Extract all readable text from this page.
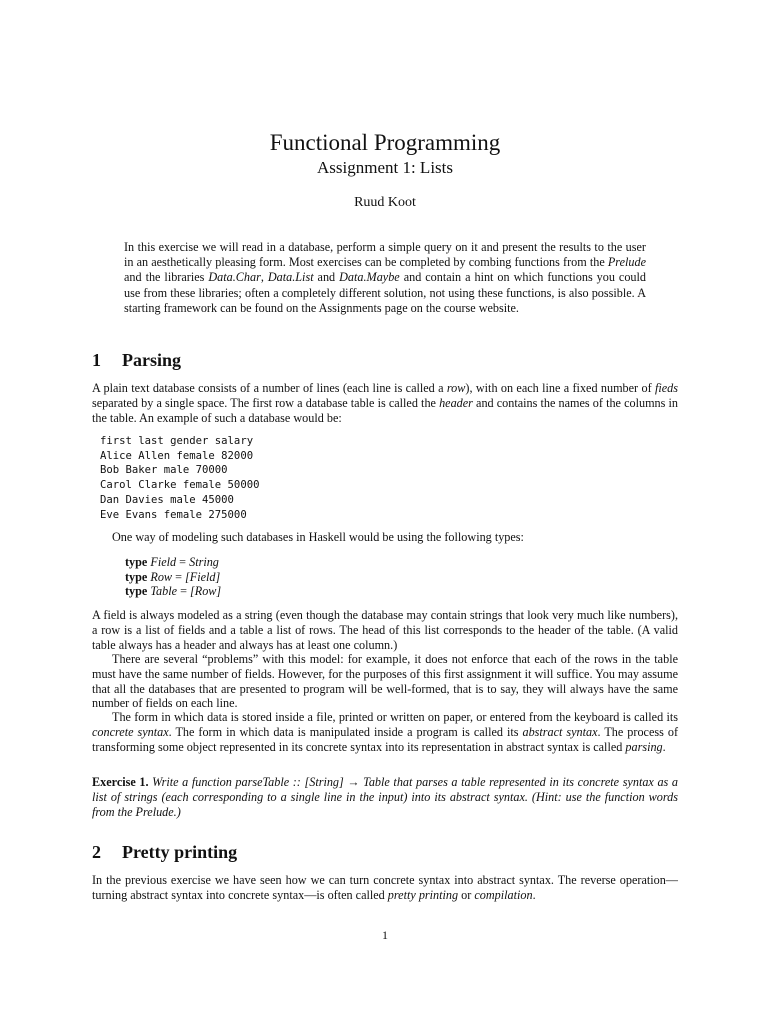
Functional Programming
Assignment 1: Lists
Ruud Koot
In this exercise we will read in a database, perform a simple query on it and present the results to the user in an aesthetically pleasing form. Most exercises can be completed by combing functions from the Prelude and the libraries Data.Char, Data.List and Data.Maybe and contain a hint on which functions you could use from these libraries; often a completely different solution, not using these functions, is also possible. A starting framework can be found on the Assignments page on the course website.
1 Parsing
A plain text database consists of a number of lines (each line is called a row), with on each line a fixed number of fieds separated by a single space. The first row a database table is called the header and contains the names of the columns in the table. An example of such a database would be:
first last gender salary
Alice Allen female 82000
Bob Baker male 70000
Carol Clarke female 50000
Dan Davies male 45000
Eve Evans female 275000
One way of modeling such databases in Haskell would be using the following types:
type Field = String
type Row = [Field]
type Table = [Row]
A field is always modeled as a string (even though the database may contain strings that look very much like numbers), a row is a list of fields and a table a list of rows. The head of this list corresponds to the header of the table. (A valid table always has a header and always has at least one column.)
There are several “problems” with this model: for example, it does not enforce that each of the rows in the table must have the same number of fields. However, for the purposes of this first assignment it will suffice. You may assume that all the databases that are presented to program will be well-formed, that is to say, they will always have the same number of fields on each line.
The form in which data is stored inside a file, printed or written on paper, or entered from the keyboard is called its concrete syntax. The form in which data is manipulated inside a program is called its abstract syntax. The process of transforming some object represented in its concrete syntax into its representation in abstract syntax is called parsing.
Exercise 1. Write a function parseTable :: [String] → Table that parses a table represented in its concrete syntax as a list of strings (each corresponding to a single line in the input) into its abstract syntax. (Hint: use the function words from the Prelude.)
2 Pretty printing
In the previous exercise we have seen how we can turn concrete syntax into abstract syntax. The reverse operation—turning abstract syntax into concrete syntax—is often called pretty printing or compilation.
1
